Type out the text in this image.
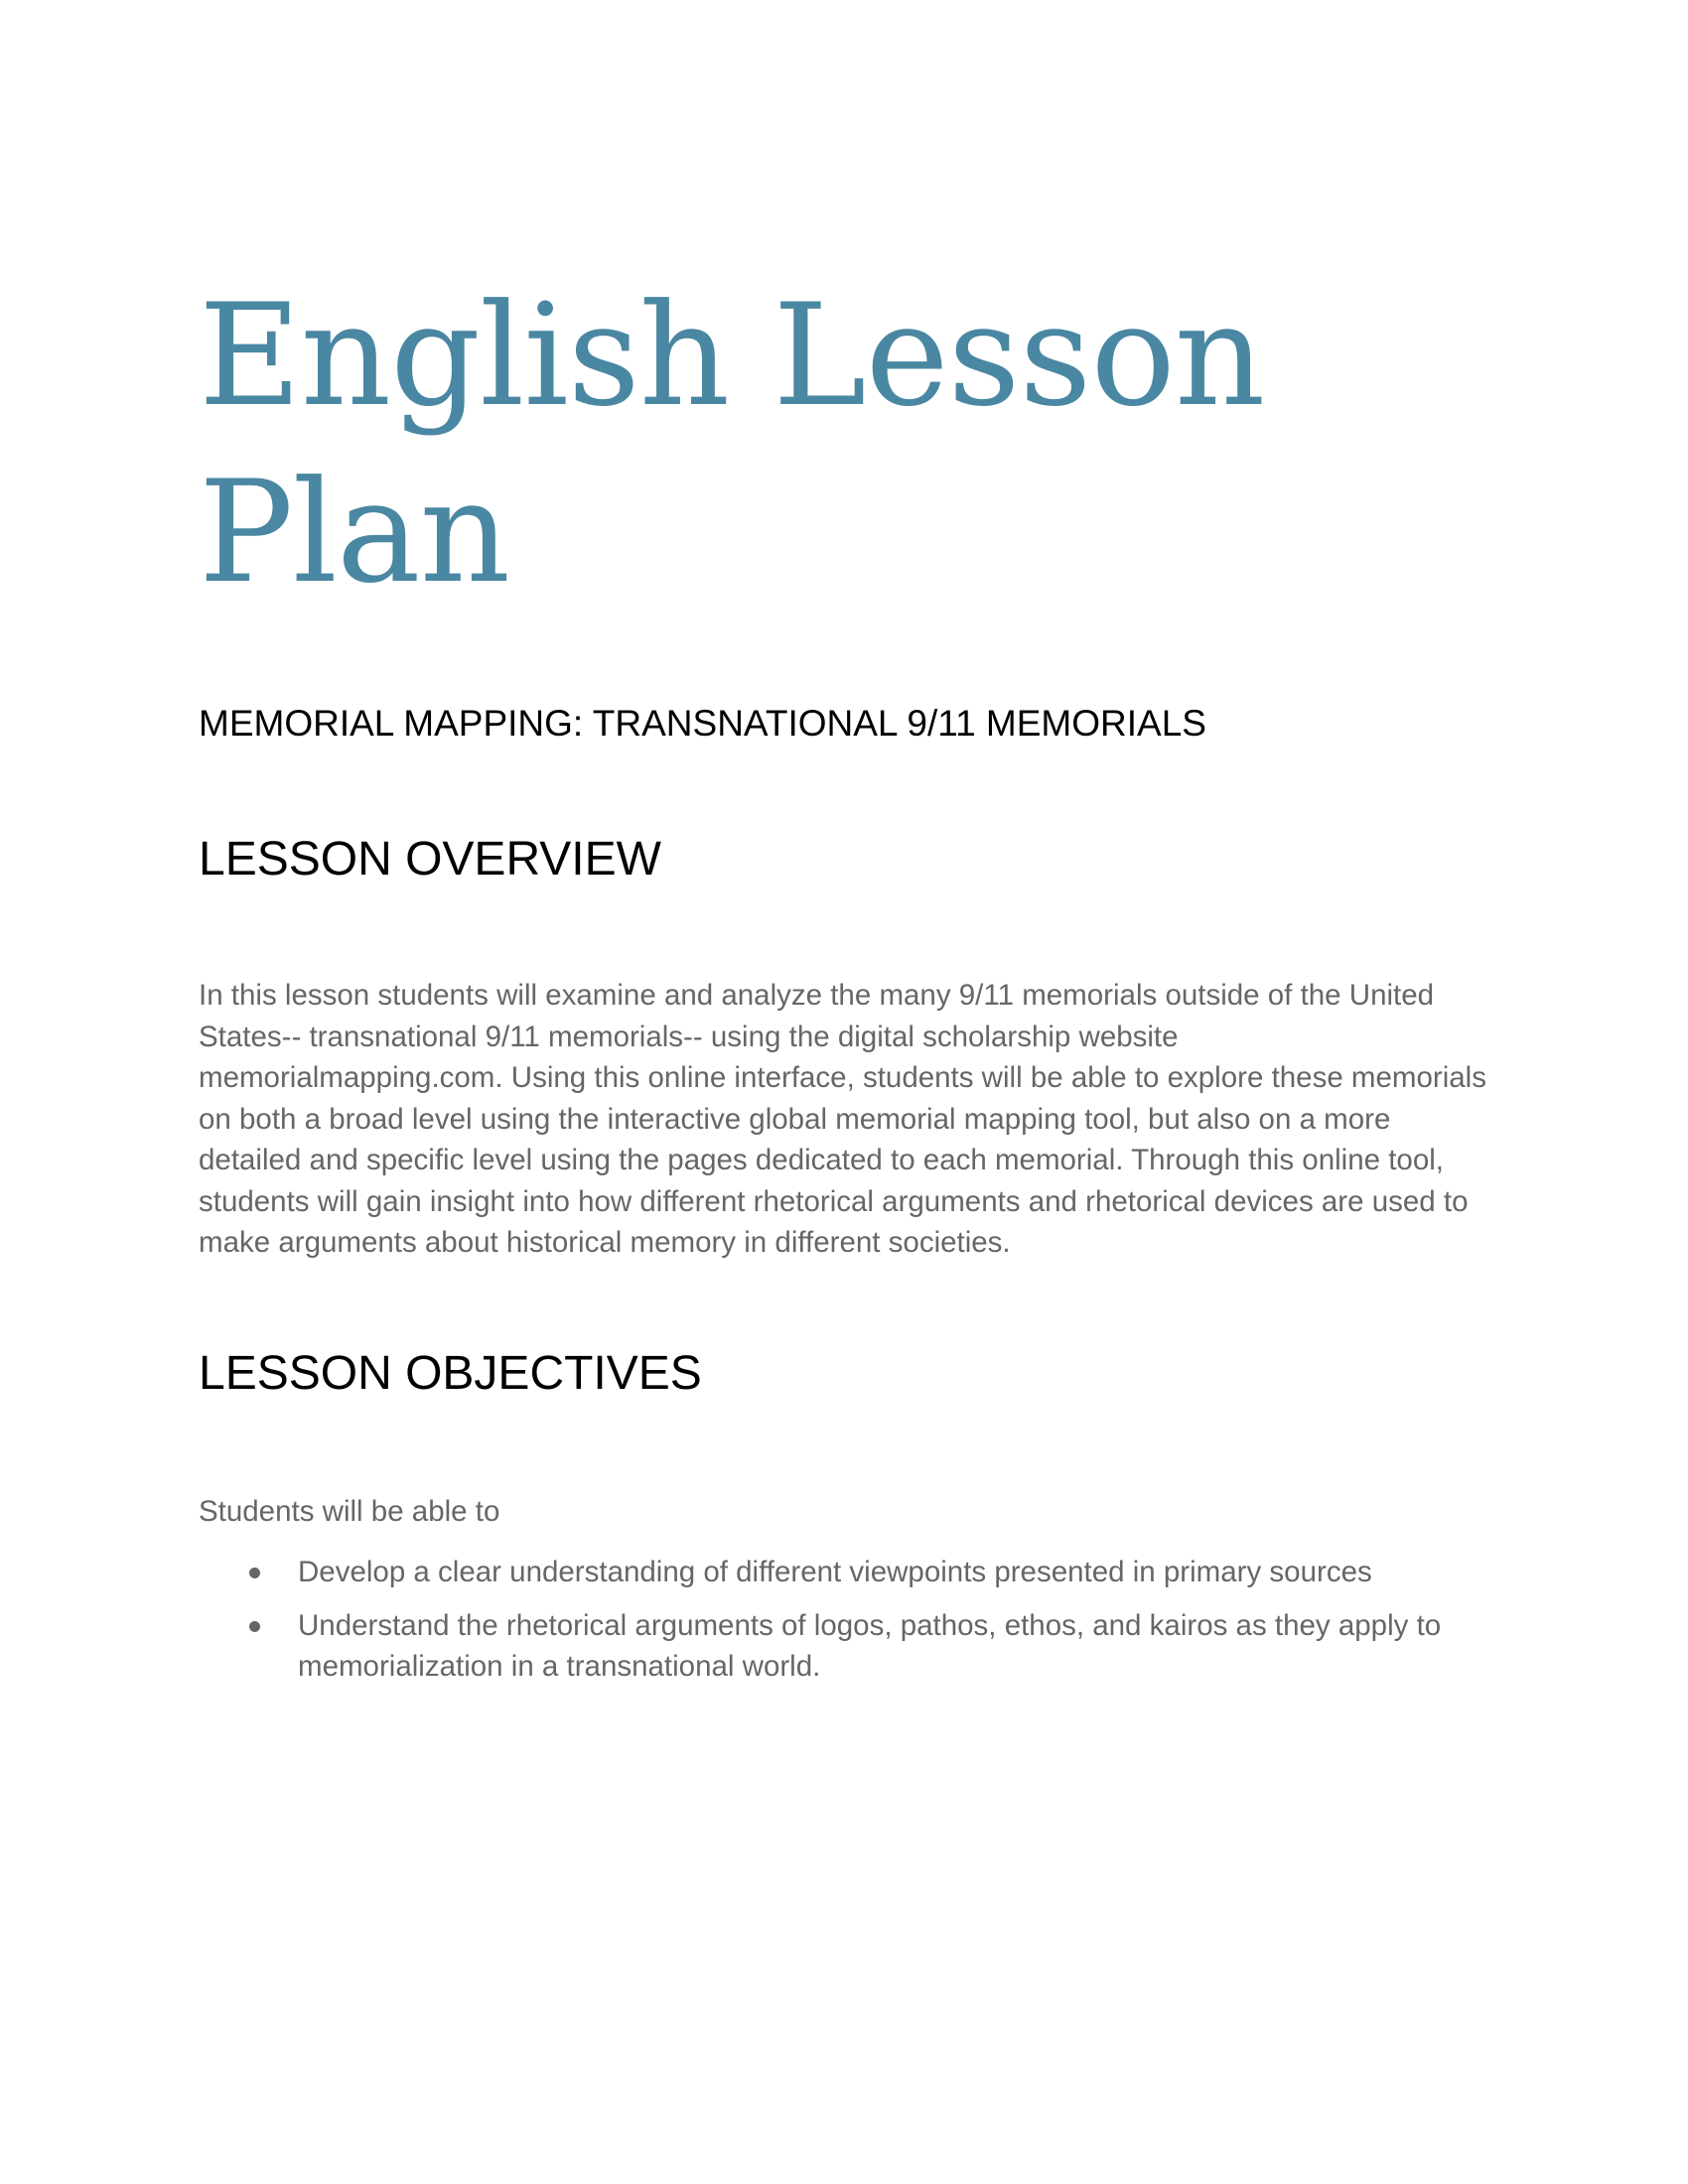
English Lesson Plan

MEMORIAL MAPPING: TRANSNATIONAL 9/11 MEMORIALS

LESSON OVERVIEW

In this lesson students will examine and analyze the many 9/11 memorials outside of the United States-- transnational 9/11 memorials-- using the digital scholarship website memorialmapping.com. Using this online interface, students will be able to explore these memorials on both a broad level using the interactive global memorial mapping tool, but also on a more detailed and specific level using the pages dedicated to each memorial. Through this online tool, students will gain insight into how different rhetorical arguments and rhetorical devices are used to make arguments about historical memory in different societies.

LESSON OBJECTIVES

Students will be able to

Develop a clear understanding of different viewpoints presented in primary sources
Understand the rhetorical arguments of logos, pathos, ethos, and kairos as they apply to memorialization in a transnational world.
